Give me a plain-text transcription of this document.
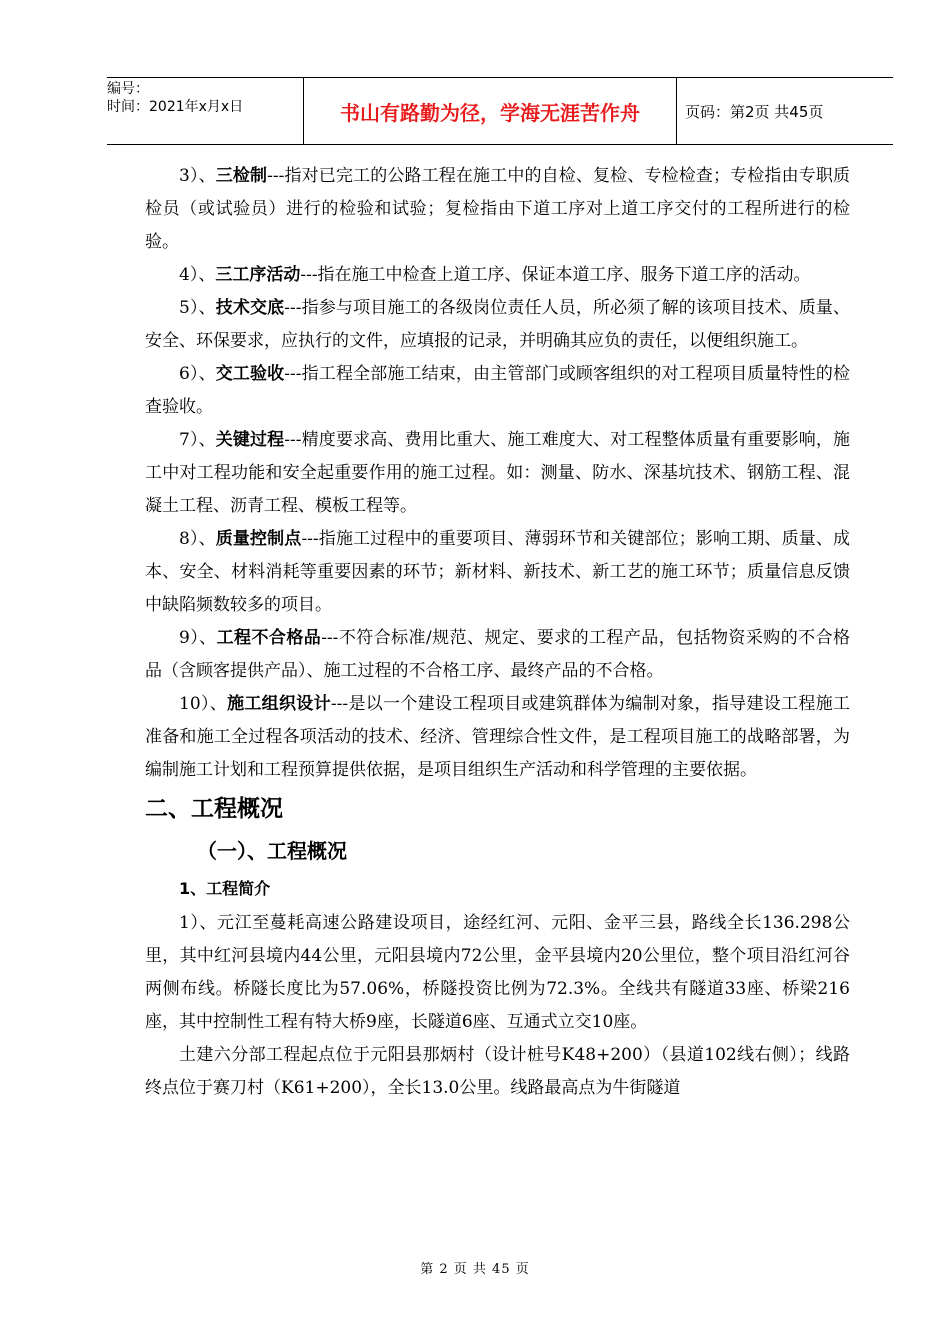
编号：
时间：2021年x月x日	书山有路勤为径，学海无涯苦作舟	页码：第2页 共45页

3）、三检制---指对已完工的公路工程在施工中的自检、复检、专检检查；专检指由专职质检员（或试验员）进行的检验和试验；复检指由下道工序对上道工序交付的工程所进行的检验。

4）、三工序活动---指在施工中检查上道工序、保证本道工序、服务下道工序的活动。

5）、技术交底---指参与项目施工的各级岗位责任人员，所必须了解的该项目技术、质量、安全、环保要求，应执行的文件，应填报的记录，并明确其应负的责任，以便组织施工。

6）、交工验收---指工程全部施工结束，由主管部门或顾客组织的对工程项目质量特性的检查验收。

7）、关键过程---精度要求高、费用比重大、施工难度大、对工程整体质量有重要影响，施工中对工程功能和安全起重要作用的施工过程。如：测量、防水、深基坑技术、钢筋工程、混凝土工程、沥青工程、模板工程等。

8）、质量控制点---指施工过程中的重要项目、薄弱环节和关键部位；影响工期、质量、成本、安全、材料消耗等重要因素的环节；新材料、新技术、新工艺的施工环节；质量信息反馈中缺陷频数较多的项目。

9）、工程不合格品---不符合标准/规范、规定、要求的工程产品，包括物资采购的不合格品（含顾客提供产品）、施工过程的不合格工序、最终产品的不合格。

10）、施工组织设计---是以一个建设工程项目或建筑群体为编制对象，指导建设工程施工准备和施工全过程各项活动的技术、经济、管理综合性文件，是工程项目施工的战略部署，为编制施工计划和工程预算提供依据，是项目组织生产活动和科学管理的主要依据。

二、工程概况
（一）、工程概况
1、工程简介

1）、元江至蔓耗高速公路建设项目，途经红河、元阳、金平三县，路线全长136.298公里，其中红河县境内44公里，元阳县境内72公里，金平县境内20公里位，整个项目沿红河谷两侧布线。桥隧长度比为57.06%，桥隧投资比例为72.3%。全线共有隧道33座、桥梁216座，其中控制性工程有特大桥9座，长隧道6座、互通式立交10座。

土建六分部工程起点位于元阳县那炳村（设计桩号K48+200）（县道102线右侧）；线路终点位于赛刀村（K61+200），全长13.0公里。线路最高点为牛街隧道

第 2 页 共 45 页
